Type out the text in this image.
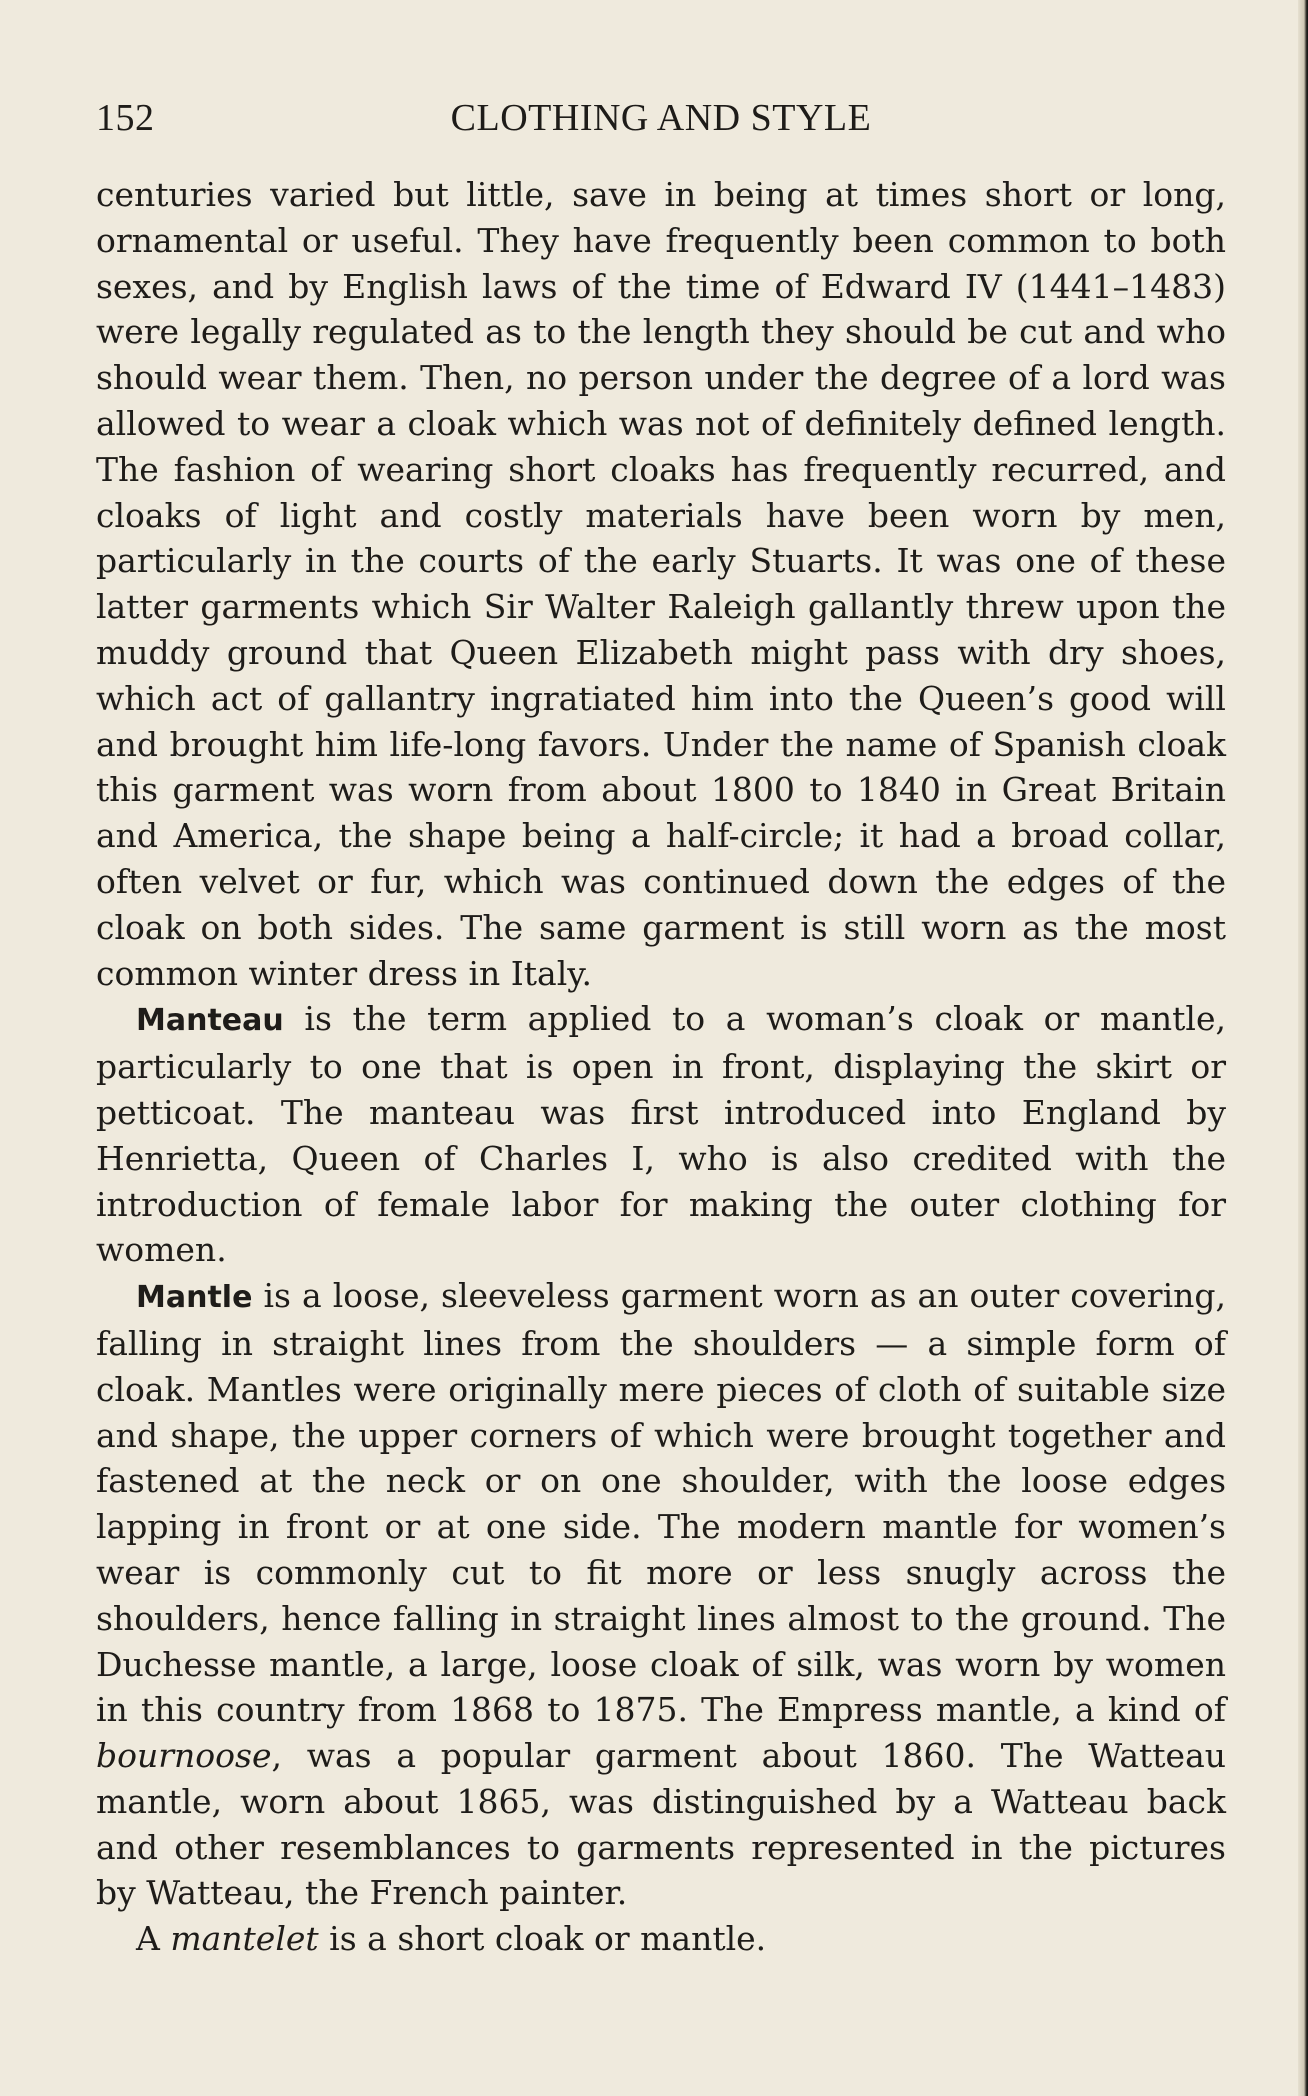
152	CLOTHING AND STYLE

centuries varied but little, save in being at times short or long, ornamental or useful. They have frequently been common to both sexes, and by English laws of the time of Edward IV (1441–1483) were legally regulated as to the length they should be cut and who should wear them. Then, no person under the degree of a lord was allowed to wear a cloak which was not of definitely defined length. The fashion of wearing short cloaks has frequently recurred, and cloaks of light and costly materials have been worn by men, particularly in the courts of the early Stuarts. It was one of these latter garments which Sir Walter Raleigh gallantly threw upon the muddy ground that Queen Elizabeth might pass with dry shoes, which act of gallantry ingratiated him into the Queen’s good will and brought him life-long favors. Under the name of Spanish cloak this garment was worn from about 1800 to 1840 in Great Britain and America, the shape being a half-circle; it had a broad collar, often velvet or fur, which was continued down the edges of the cloak on both sides. The same garment is still worn as the most common winter dress in Italy.

Manteau is the term applied to a woman’s cloak or mantle, particularly to one that is open in front, displaying the skirt or petticoat. The manteau was first introduced into England by Henrietta, Queen of Charles I, who is also credited with the introduction of female labor for making the outer clothing for women.

Mantle is a loose, sleeveless garment worn as an outer covering, falling in straight lines from the shoulders — a simple form of cloak. Mantles were originally mere pieces of cloth of suitable size and shape, the upper corners of which were brought together and fastened at the neck or on one shoulder, with the loose edges lapping in front or at one side. The modern mantle for women’s wear is commonly cut to fit more or less snugly across the shoulders, hence falling in straight lines almost to the ground. The Duchesse mantle, a large, loose cloak of silk, was worn by women in this country from 1868 to 1875. The Empress mantle, a kind of bournoose, was a popular garment about 1860. The Watteau mantle, worn about 1865, was distinguished by a Watteau back and other resemblances to garments represented in the pictures by Watteau, the French painter.

A mantelet is a short cloak or mantle.
